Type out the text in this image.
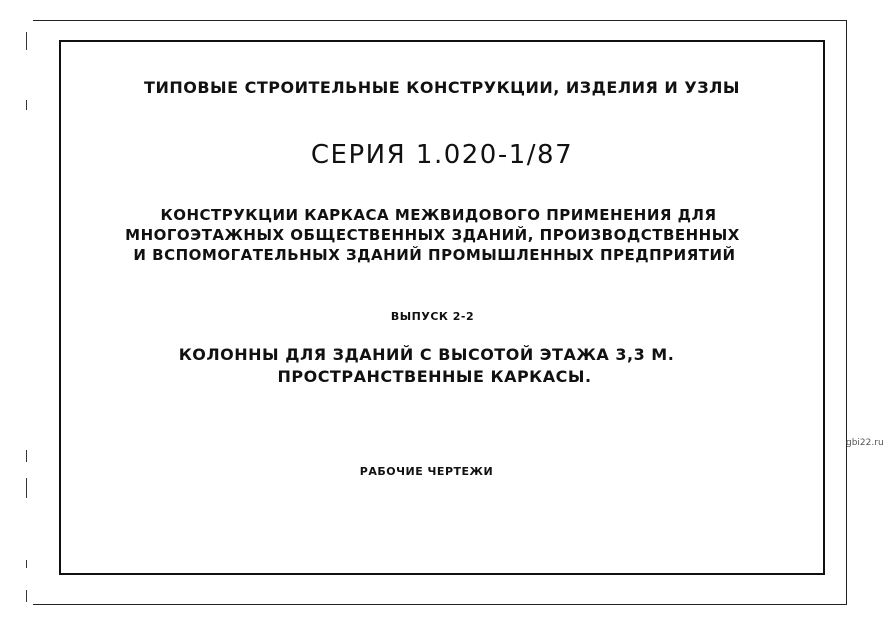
ТИПОВЫЕ СТРОИТЕЛЬНЫЕ КОНСТРУКЦИИ, ИЗДЕЛИЯ И УЗЛЫ
СЕРИЯ 1.020-1/87
КОНСТРУКЦИИ КАРКАСА МЕЖВИДОВОГО ПРИМЕНЕНИЯ ДЛЯ
МНОГОЭТАЖНЫХ ОБЩЕСТВЕННЫХ ЗДАНИЙ, ПРОИЗВОДСТВЕННЫХ
И ВСПОМОГАТЕЛЬНЫХ ЗДАНИЙ ПРОМЫШЛЕННЫХ ПРЕДПРИЯТИЙ
ВЫПУСК 2-2
КОЛОННЫ ДЛЯ ЗДАНИЙ С ВЫСОТОЙ ЭТАЖА 3,3 М.
ПРОСТРАНСТВЕННЫЕ КАРКАСЫ.
РАБОЧИЕ ЧЕРТЕЖИ
gbi22.ru
